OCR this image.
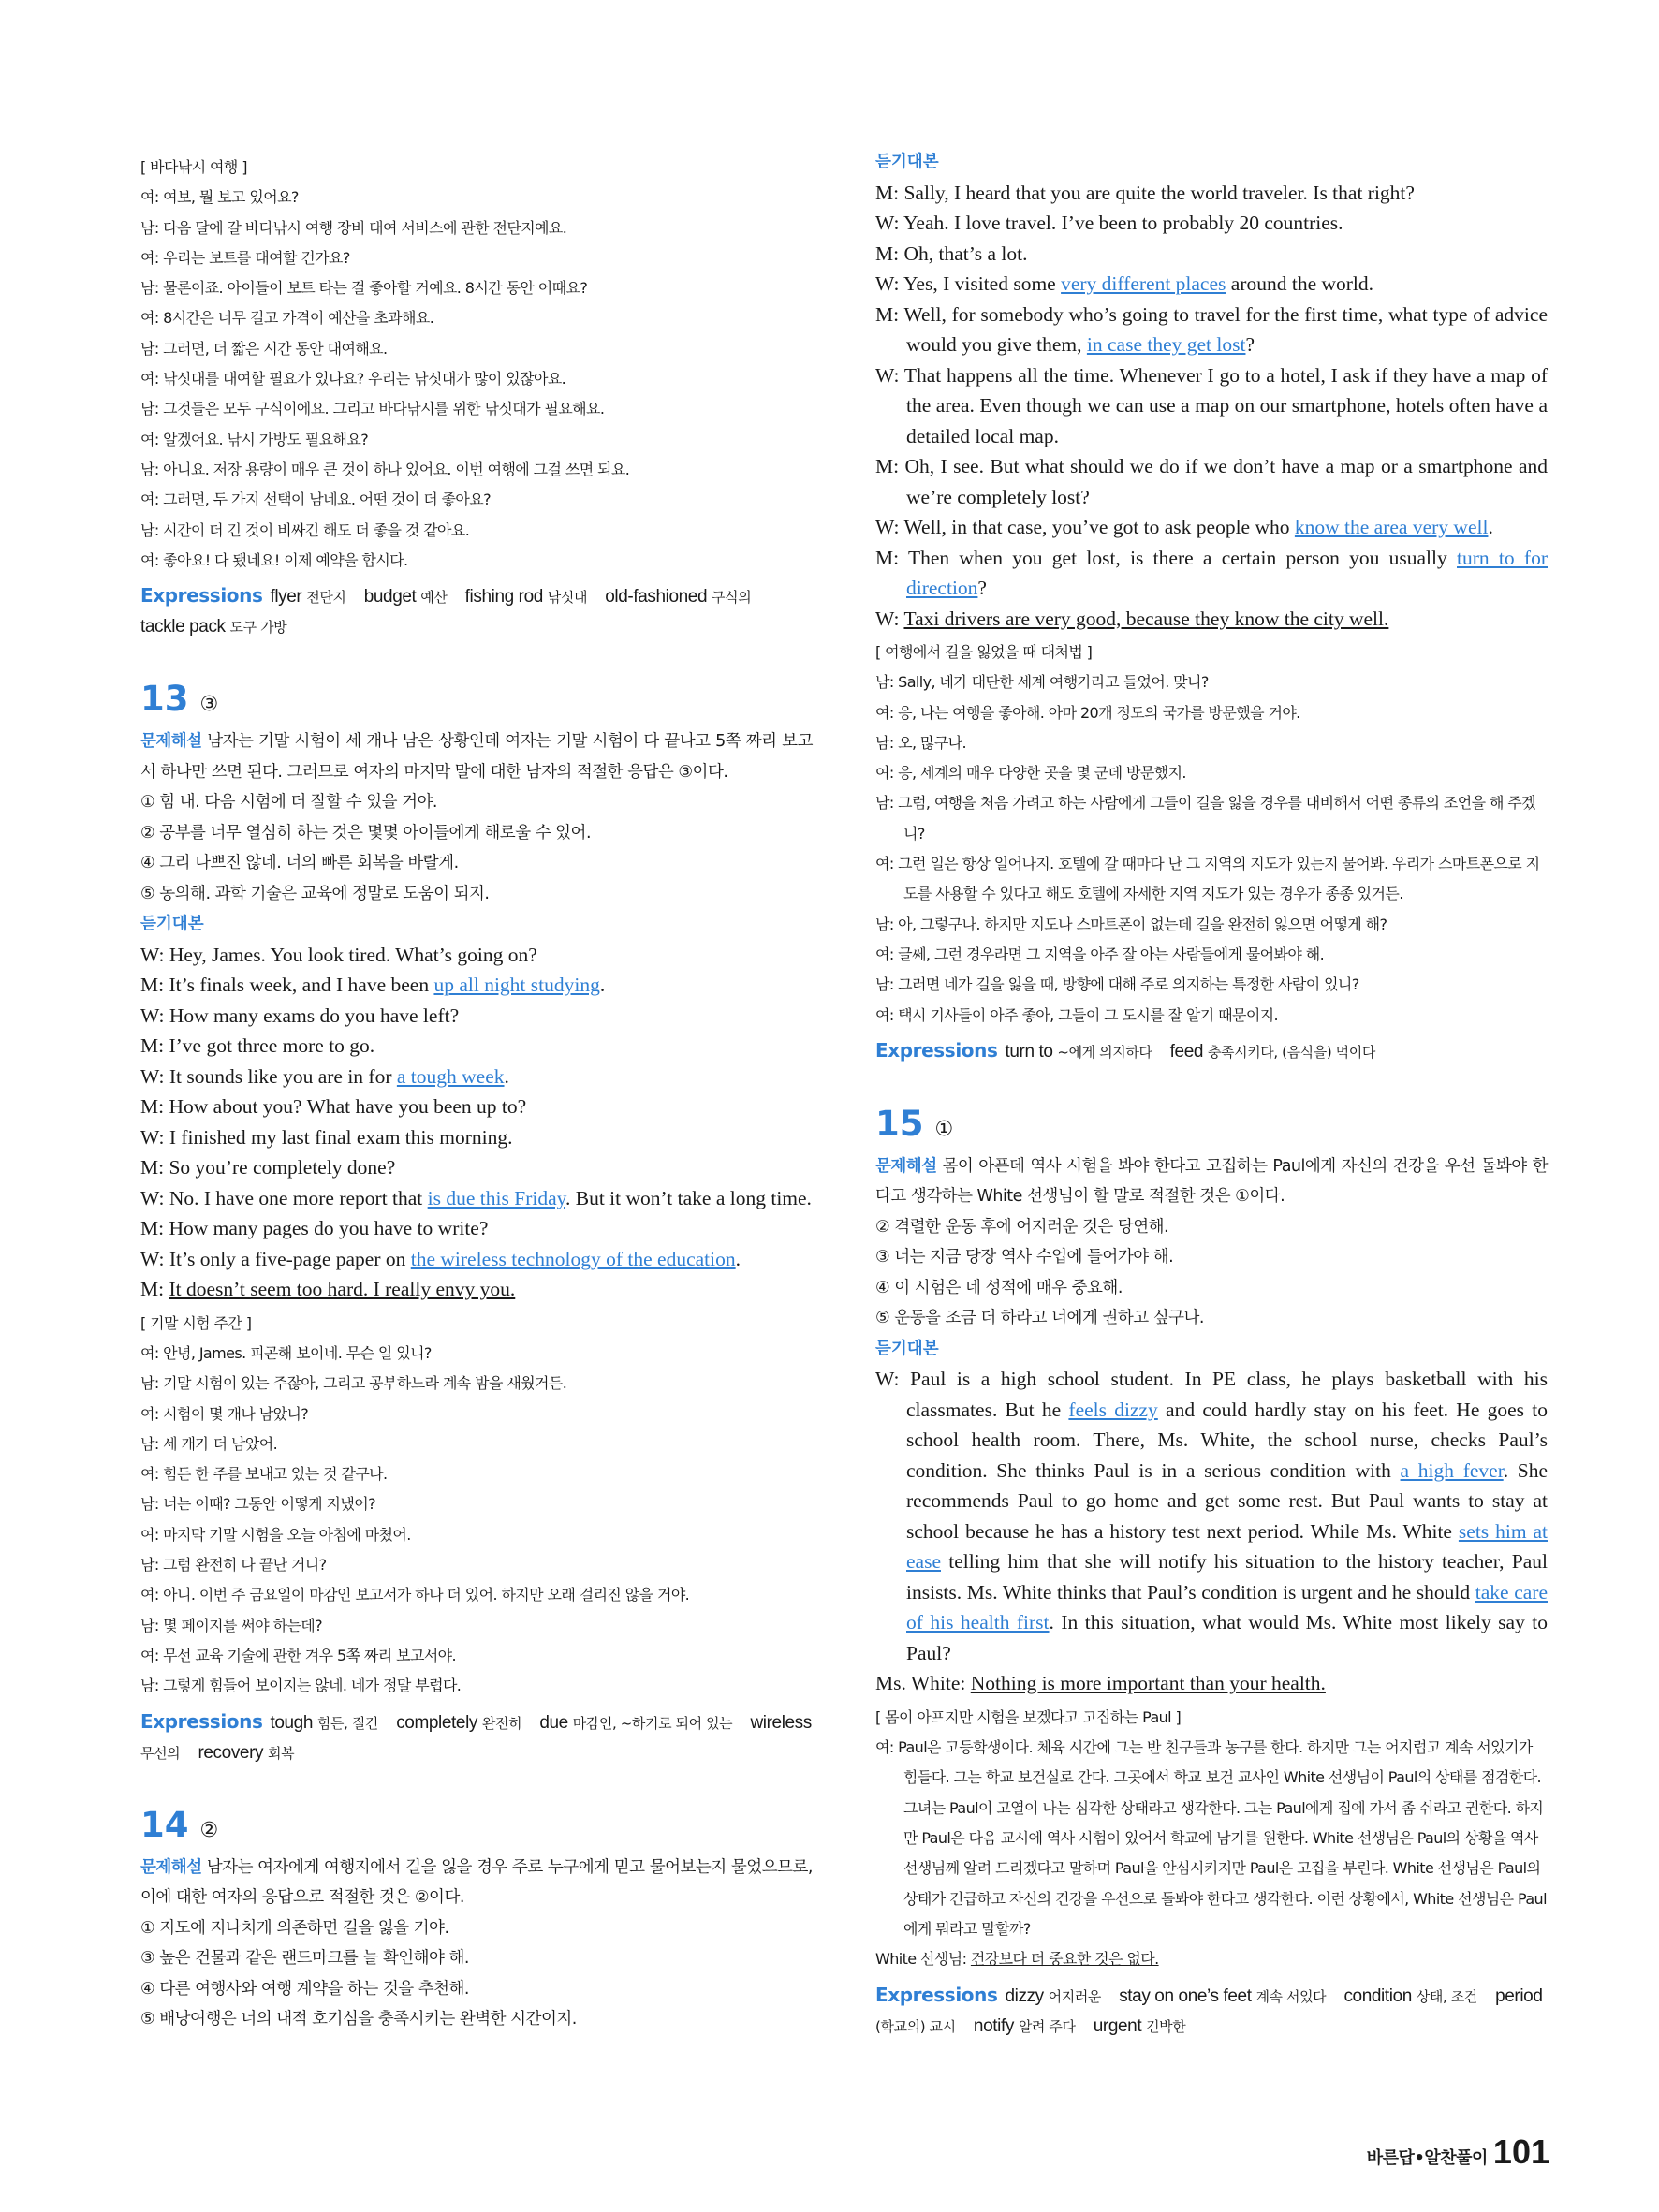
[ 바다낚시 여행 ]

여: 여보, 뭘 보고 있어요?

남: 다음 달에 갈 바다낚시 여행 장비 대여 서비스에 관한 전단지예요.

여: 우리는 보트를 대여할 건가요?

남: 물론이죠. 아이들이 보트 타는 걸 좋아할 거예요. 8시간 동안 어때요?

여: 8시간은 너무 길고 가격이 예산을 초과해요.

남: 그러면, 더 짧은 시간 동안 대여해요.

여: 낚싯대를 대여할 필요가 있나요? 우리는 낚싯대가 많이 있잖아요.

남: 그것들은 모두 구식이에요. 그리고 바다낚시를 위한 낚싯대가 필요해요.

여: 알겠어요. 낚시 가방도 필요해요?

남: 아니요. 저장 용량이 매우 큰 것이 하나 있어요. 이번 여행에 그걸 쓰면 되요.

여: 그러면, 두 가지 선택이 남네요. 어떤 것이 더 좋아요?

남: 시간이 더 긴 것이 비싸긴 해도 더 좋을 것 같아요.

여: 좋아요! 다 됐네요! 이제 예약을 합시다.

Expressions flyer 전단지 budget 예산 fishing rod 낚싯대 old-fashioned 구식의 tackle pack 도구 가방
13 ③

문제해설 남자는 기말 시험이 세 개나 남은 상황인데 여자는 기말 시험이 다 끝나고 5쪽 짜리 보고서 하나만 쓰면 된다. 그러므로 여자의 마지막 말에 대한 남자의 적절한 응답은 ③이다.

① 힘 내. 다음 시험에 더 잘할 수 있을 거야.

② 공부를 너무 열심히 하는 것은 몇몇 아이들에게 해로울 수 있어.

④ 그리 나쁘진 않네. 너의 빠른 회복을 바랄게.

⑤ 동의해. 과학 기술은 교육에 정말로 도움이 되지.

듣기대본

W: Hey, James. You look tired. What’s going on?

M: It’s finals week, and I have been up all night studying.

W: How many exams do you have left?

M: I’ve got three more to go.

W: It sounds like you are in for a tough week.

M: How about you? What have you been up to?

W: I finished my last final exam this morning.

M: So you’re completely done?

W: No. I have one more report that is due this Friday. But it won’t take a long time.

M: How many pages do you have to write?

W: It’s only a five-page paper on the wireless technology of the education.

M: It doesn’t seem too hard. I really envy you.

[ 기말 시험 주간 ]

여: 안녕, James. 피곤해 보이네. 무슨 일 있니?

남: 기말 시험이 있는 주잖아, 그리고 공부하느라 계속 밤을 새웠거든.

여: 시험이 몇 개나 남았니?

남: 세 개가 더 남았어.

여: 힘든 한 주를 보내고 있는 것 같구나.

남: 너는 어때? 그동안 어떻게 지냈어?

여: 마지막 기말 시험을 오늘 아침에 마쳤어.

남: 그럼 완전히 다 끝난 거니?

여: 아니. 이번 주 금요일이 마감인 보고서가 하나 더 있어. 하지만 오래 걸리진 않을 거야.

남: 몇 페이지를 써야 하는데?

여: 무선 교육 기술에 관한 겨우 5쪽 짜리 보고서야.

남: 그렇게 힘들어 보이지는 않네. 네가 정말 부럽다.

Expressions tough 힘든, 질긴 completely 완전히 due 마감인, ~하기로 되어 있는 wireless 무선의 recovery 회복
14 ②

문제해설 남자는 여자에게 여행지에서 길을 잃을 경우 주로 누구에게 믿고 물어보는지 물었으므로, 이에 대한 여자의 응답으로 적절한 것은 ②이다.

① 지도에 지나치게 의존하면 길을 잃을 거야.

③ 높은 건물과 같은 랜드마크를 늘 확인해야 해.

④ 다른 여행사와 여행 계약을 하는 것을 추천해.

⑤ 배낭여행은 너의 내적 호기심을 충족시키는 완벽한 시간이지.

듣기대본

M: Sally, I heard that you are quite the world traveler. Is that right?

W: Yeah. I love travel. I’ve been to probably 20 countries.

M: Oh, that’s a lot.

W: Yes, I visited some very different places around the world.

M: Well, for somebody who’s going to travel for the first time, what type of advice would you give them, in case they get lost?

W: That happens all the time. Whenever I go to a hotel, I ask if they have a map of the area. Even though we can use a map on our smartphone, hotels often have a detailed local map.

M: Oh, I see. But what should we do if we don’t have a map or a smartphone and we’re completely lost?

W: Well, in that case, you’ve got to ask people who know the area very well.

M: Then when you get lost, is there a certain person you usually turn to for direction?

W: Taxi drivers are very good, because they know the city well.

[ 여행에서 길을 잃었을 때 대처법 ]

남: Sally, 네가 대단한 세계 여행가라고 들었어. 맞니?

여: 응, 나는 여행을 좋아해. 아마 20개 정도의 국가를 방문했을 거야.

남: 오, 많구나.

여: 응, 세계의 매우 다양한 곳을 몇 군데 방문했지.

남: 그럼, 여행을 처음 가려고 하는 사람에게 그들이 길을 잃을 경우를 대비해서 어떤 종류의 조언을 해 주겠니?

여: 그런 일은 항상 일어나지. 호텔에 갈 때마다 난 그 지역의 지도가 있는지 물어봐. 우리가 스마트폰으로 지도를 사용할 수 있다고 해도 호텔에 자세한 지역 지도가 있는 경우가 종종 있거든.

남: 아, 그렇구나. 하지만 지도나 스마트폰이 없는데 길을 완전히 잃으면 어떻게 해?

여: 글쎄, 그런 경우라면 그 지역을 아주 잘 아는 사람들에게 물어봐야 해.

남: 그러면 네가 길을 잃을 때, 방향에 대해 주로 의지하는 특정한 사람이 있니?

여: 택시 기사들이 아주 좋아, 그들이 그 도시를 잘 알기 때문이지.

Expressions turn to ~에게 의지하다 feed 충족시키다, (음식을) 먹이다
15 ①

문제해설 몸이 아픈데 역사 시험을 봐야 한다고 고집하는 Paul에게 자신의 건강을 우선 돌봐야 한다고 생각하는 White 선생님이 할 말로 적절한 것은 ①이다.

② 격렬한 운동 후에 어지러운 것은 당연해.

③ 너는 지금 당장 역사 수업에 들어가야 해.

④ 이 시험은 네 성적에 매우 중요해.

⑤ 운동을 조금 더 하라고 너에게 권하고 싶구나.

듣기대본

W: Paul is a high school student. In PE class, he plays basketball with his classmates. But he feels dizzy and could hardly stay on his feet. He goes to school health room. There, Ms. White, the school nurse, checks Paul’s condition. She thinks Paul is in a serious condition with a high fever. She recommends Paul to go home and get some rest. But Paul wants to stay at school because he has a history test next period. While Ms. White sets him at ease telling him that she will notify his situation to the history teacher, Paul insists. Ms. White thinks that Paul’s condition is urgent and he should take care of his health first. In this situation, what would Ms. White most likely say to Paul?

Ms. White: Nothing is more important than your health.

[ 몸이 아프지만 시험을 보겠다고 고집하는 Paul ]

여: Paul은 고등학생이다. 체육 시간에 그는 반 친구들과 농구를 한다. 하지만 그는 어지럽고 계속 서있기가 힘들다. 그는 학교 보건실로 간다. 그곳에서 학교 보건 교사인 White 선생님이 Paul의 상태를 점검한다. 그녀는 Paul이 고열이 나는 심각한 상태라고 생각한다. 그는 Paul에게 집에 가서 좀 쉬라고 권한다. 하지만 Paul은 다음 교시에 역사 시험이 있어서 학교에 남기를 원한다. White 선생님은 Paul의 상황을 역사 선생님께 알려 드리겠다고 말하며 Paul을 안심시키지만 Paul은 고집을 부린다. White 선생님은 Paul의 상태가 긴급하고 자신의 건강을 우선으로 돌봐야 한다고 생각한다. 이런 상황에서, White 선생님은 Paul에게 뭐라고 말할까?

White 선생님: 건강보다 더 중요한 것은 없다.

Expressions dizzy 어지러운 stay on one’s feet 계속 서있다 condition 상태, 조건 period (학교의) 교시 notify 알려 주다 urgent 긴박한
바른답•알찬풀이 101
